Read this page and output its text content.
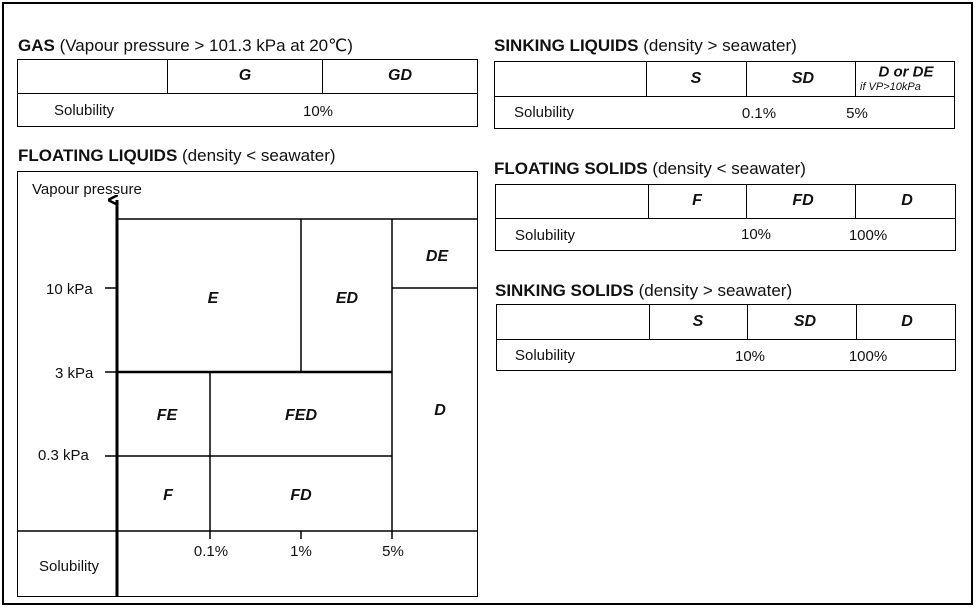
GAS (Vapour pressure > 101.3 kPa at 20℃)
G	GD
Solubility	10%
FLOATING LIQUIDS (density < seawater)
Vapour pressure
10 kPa
3 kPa
0.3 kPa
Solubility
0.1%	1%	5%
E	ED
DE
D
FE	FED
F	FD
SINKING LIQUIDS (density > seawater)
S	SD	D or DE
if VP>10kPa
Solubility	0.1%	5%
FLOATING SOLIDS (density < seawater)
F	FD	D
Solubility	10%	100%
SINKING SOLIDS (density > seawater)
S	SD	D
Solubility	10%	100%
